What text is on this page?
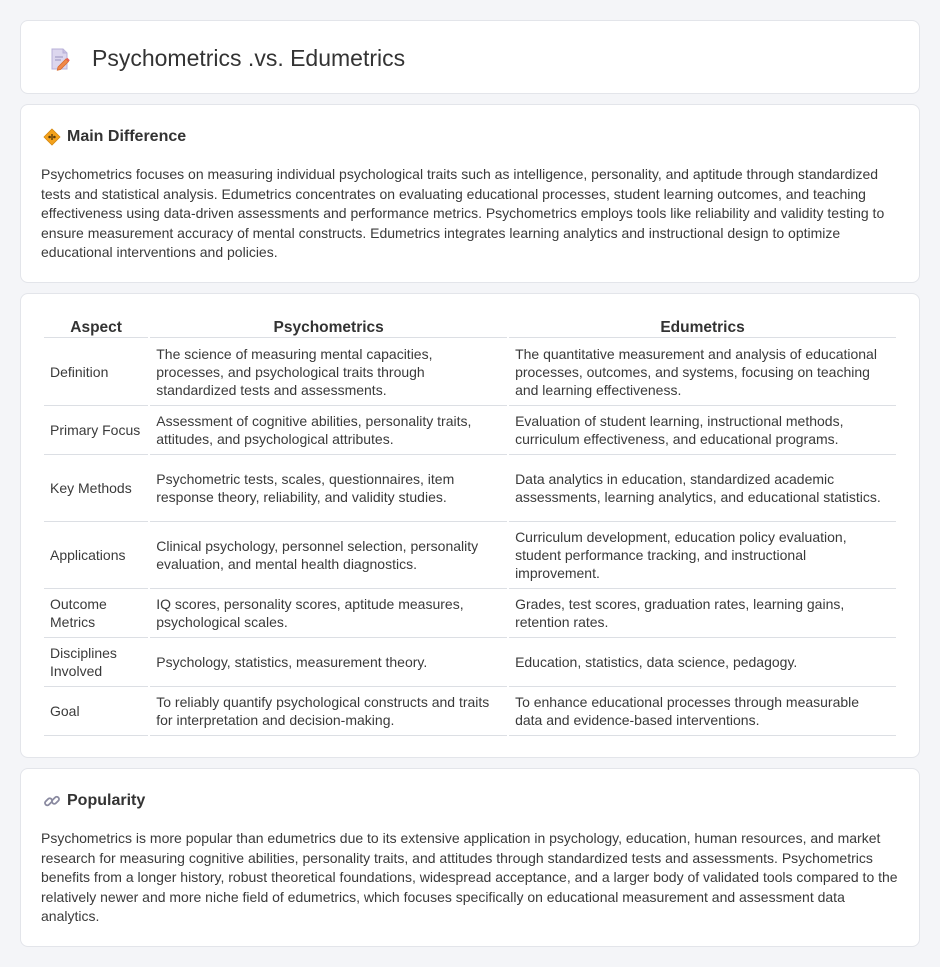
Psychometrics .vs. Edumetrics
Main Difference

Psychometrics focuses on measuring individual psychological traits such as intelligence, personality, and aptitude through standardized tests and statistical analysis. Edumetrics concentrates on evaluating educational processes, student learning outcomes, and teaching effectiveness using data-driven assessments and performance metrics. Psychometrics employs tools like reliability and validity testing to ensure measurement accuracy of mental constructs. Edumetrics integrates learning analytics and instructional design to optimize educational interventions and policies.

Aspect	Psychometrics	Edumetrics
Definition	The science of measuring mental capacities, processes, and psychological traits through standardized tests and assessments.	The quantitative measurement and analysis of educational processes, outcomes, and systems, focusing on teaching and learning effectiveness.
Primary Focus	Assessment of cognitive abilities, personality traits, attitudes, and psychological attributes.	Evaluation of student learning, instructional methods, curriculum effectiveness, and educational programs.
Key Methods	Psychometric tests, scales, questionnaires, item response theory, reliability, and validity studies.	Data analytics in education, standardized academic assessments, learning analytics, and educational statistics.
Applications	Clinical psychology, personnel selection, personality evaluation, and mental health diagnostics.	Curriculum development, education policy evaluation, student performance tracking, and instructional improvement.
Outcome Metrics	IQ scores, personality scores, aptitude measures, psychological scales.	Grades, test scores, graduation rates, learning gains, retention rates.
Disciplines Involved	Psychology, statistics, measurement theory.	Education, statistics, data science, pedagogy.
Goal	To reliably quantify psychological constructs and traits for interpretation and decision-making.	To enhance educational processes through measurable data and evidence-based interventions.
Popularity

Psychometrics is more popular than edumetrics due to its extensive application in psychology, education, human resources, and market research for measuring cognitive abilities, personality traits, and attitudes through standardized tests and assessments. Psychometrics benefits from a longer history, robust theoretical foundations, widespread acceptance, and a larger body of validated tools compared to the relatively newer and more niche field of edumetrics, which focuses specifically on educational measurement and assessment data analytics.
